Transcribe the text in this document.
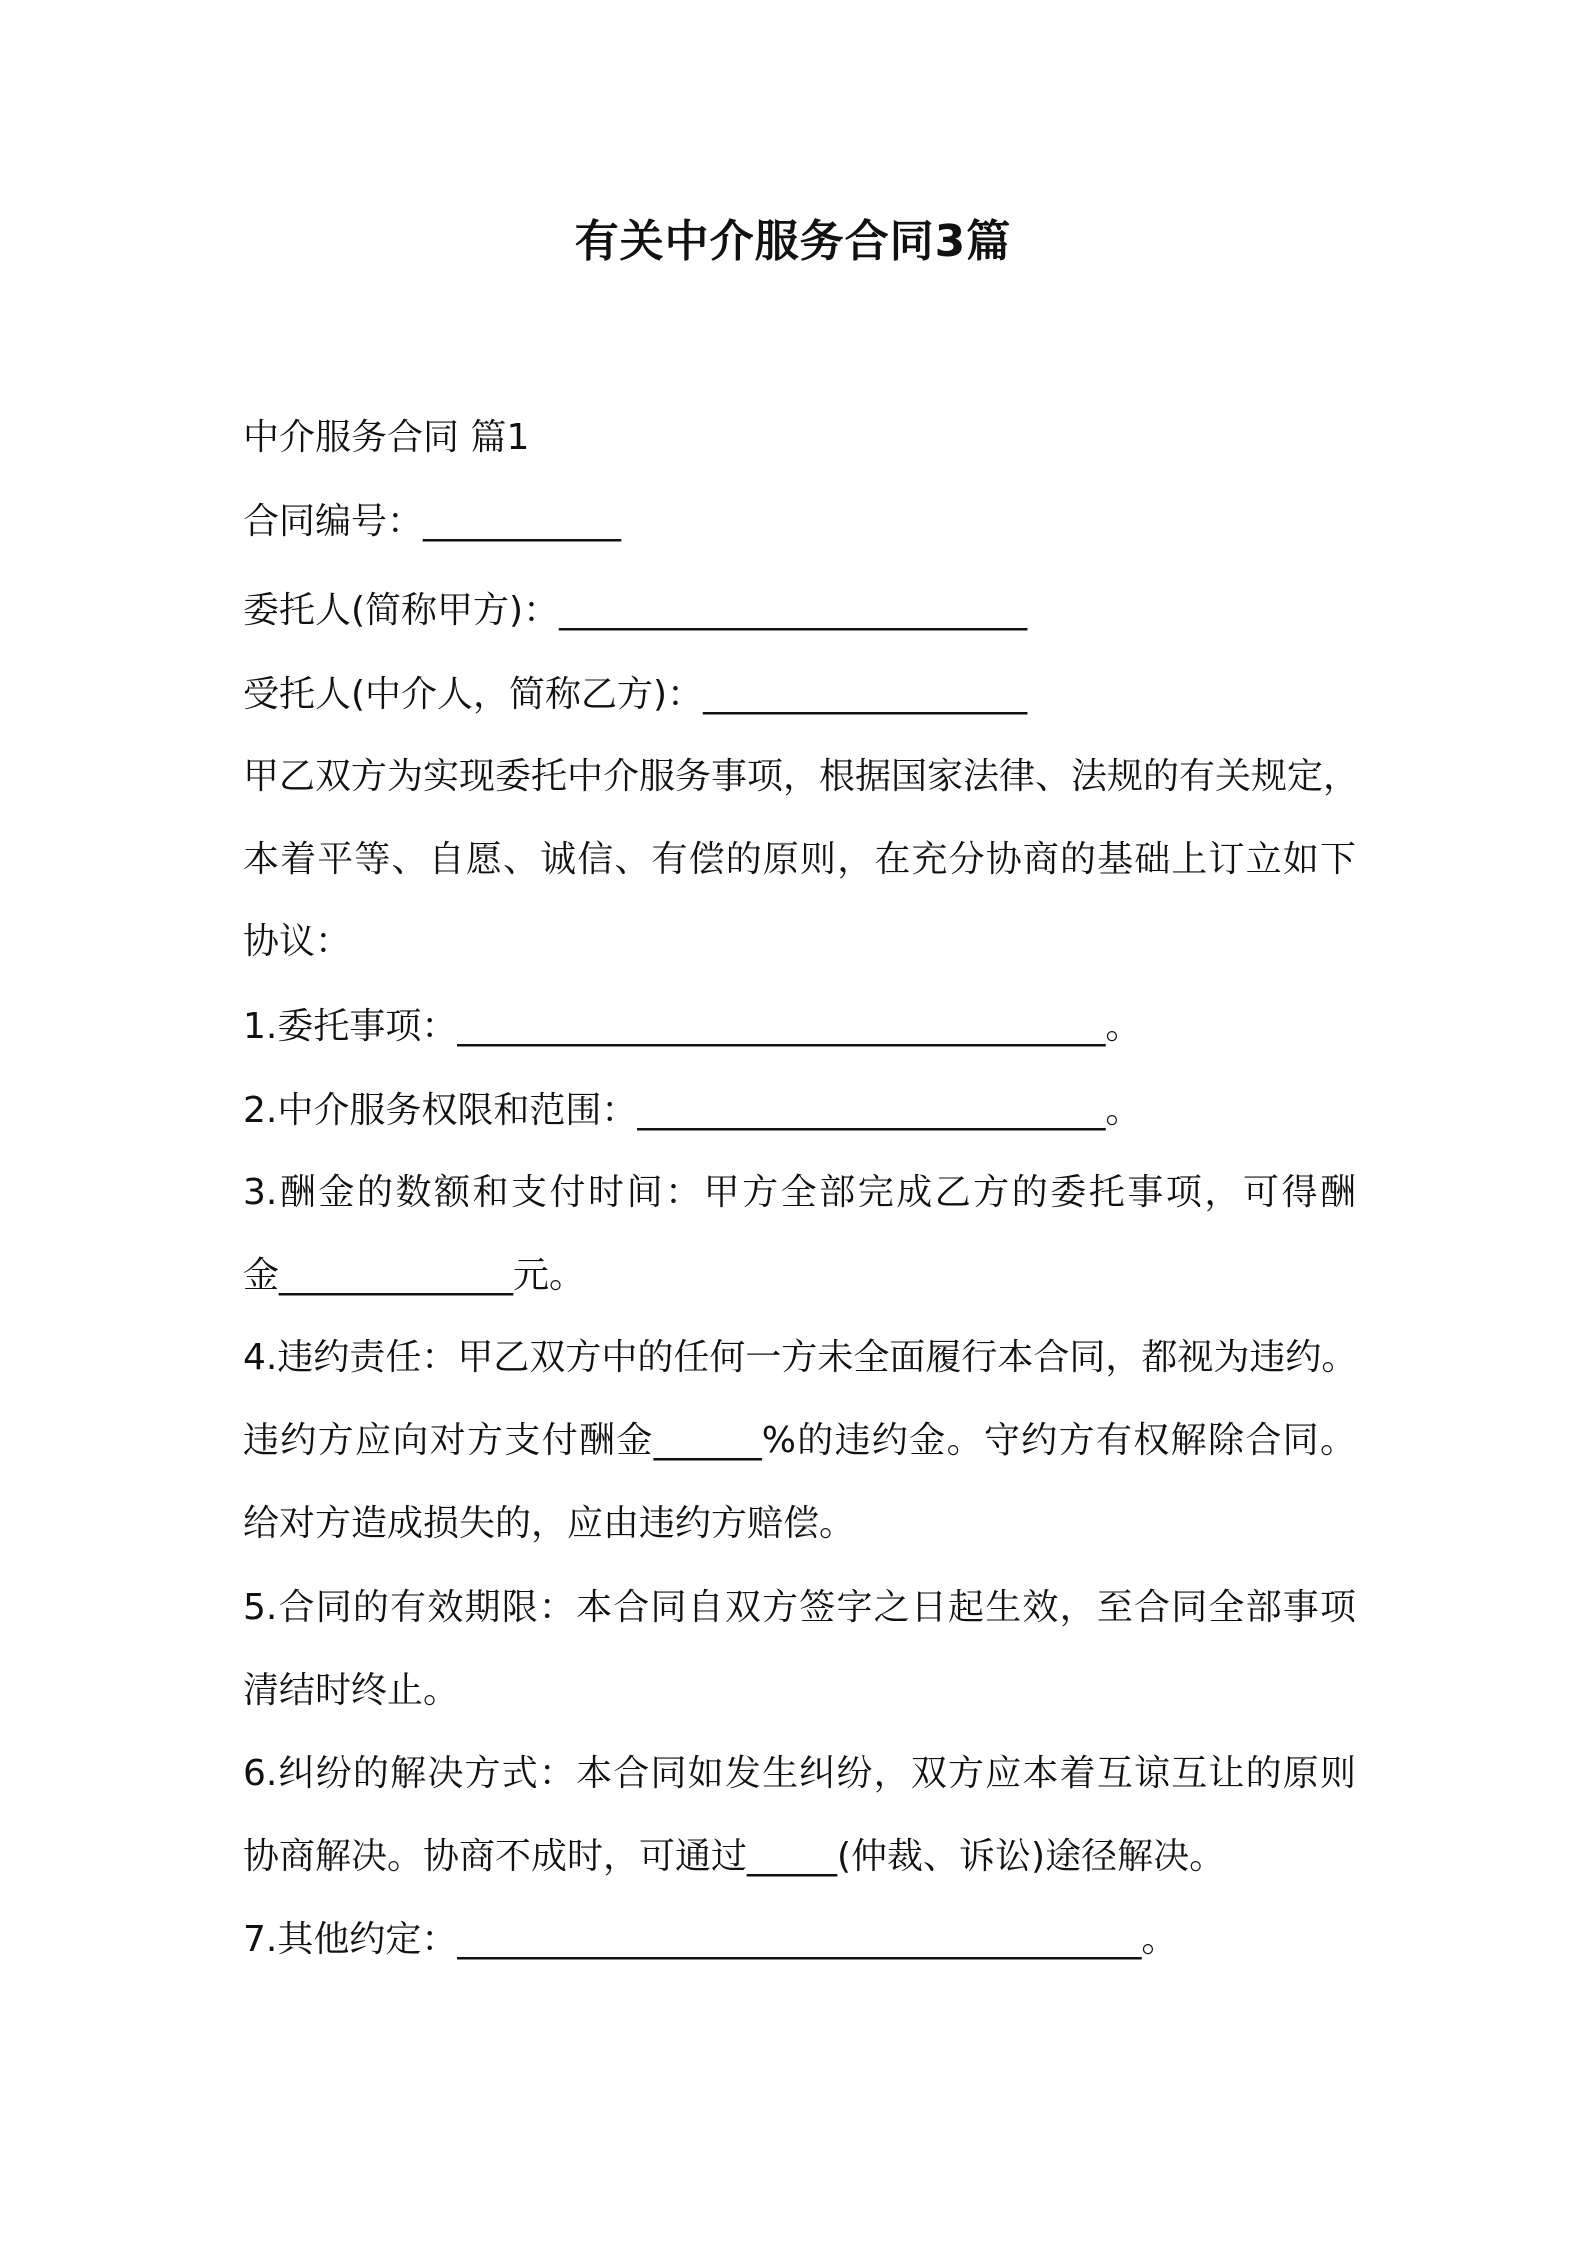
有关中介服务合同3篇
中介服务合同 篇1
合同编号：___________
委托人(简称甲方)：__________________________
受托人(中介人，简称乙方)：__________________
甲乙双方为实现委托中介服务事项，根据国家法律、法规的有关规定，
本着平等、自愿、诚信、有偿的原则，在充分协商的基础上订立如下
协议：
1.委托事项：____________________________________。
2.中介服务权限和范围：__________________________。
3.酬金的数额和支付时间：甲方全部完成乙方的委托事项，可得酬
金_____________元。
4.违约责任：甲乙双方中的任何一方未全面履行本合同，都视为违约。
违约方应向对方支付酬金______%的违约金。守约方有权解除合同。
给对方造成损失的，应由违约方赔偿。
5.合同的有效期限：本合同自双方签字之日起生效，至合同全部事项
清结时终止。
6.纠纷的解决方式：本合同如发生纠纷，双方应本着互谅互让的原则
协商解决。协商不成时，可通过_____(仲裁、诉讼)途径解决。
7.其他约定：______________________________________。
